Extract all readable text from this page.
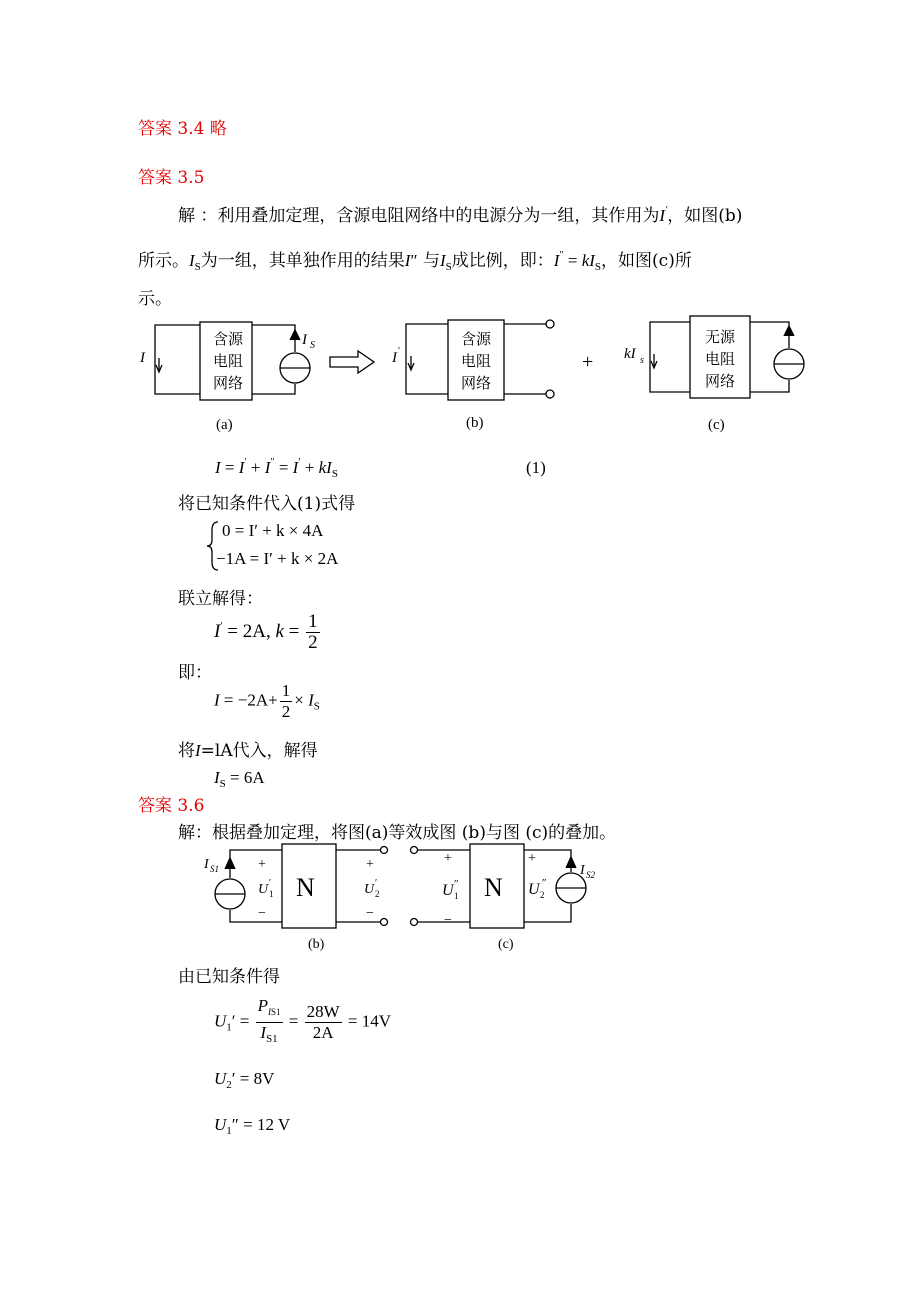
答案 3.4 略
答案 3.5
解 ：利用叠加定理，含源电阻网络中的电源分为一组，其作用为I′，如图(b)
所示。$I_S$为一组，其单独作用的结果I″ 与$I_S$成比例，即：$I'' = kI_S$，如图(c)所
示。
含源
电阻
网络
含源
电阻
网络
无源
电阻
网络
I
I S
I ′	kI s
+
(a)	(b)	(c)
$I = I' + I'' = I' + kI_S$	(1)
将已知条件代入(1)式得
0 = I′ + k × 4A
−1A = I′ + k × 2A
联立解得：
I′ = 2A, $k = \frac{1}{2}$
即：
$I = -2A+ \frac{1}{2} \times I_S$
将I=lA代入，解得
$I_S = 6A$
答案 3.6
解：根据叠加定理，将图(a)等效成图 (b)与图 (c)的叠加。
N	N
I S1	+
−
U 1
′
+
−
U 2
′
+
−
U 1
″
+
U 2
″
I S2
(b)	(c)
由已知条件得
$U_1' = \frac{P_{IS1}}{I_{S1}} = \frac{28W}{2A} = 14V$
$U_2' = 8V$
$U_1'' = 12$ V
